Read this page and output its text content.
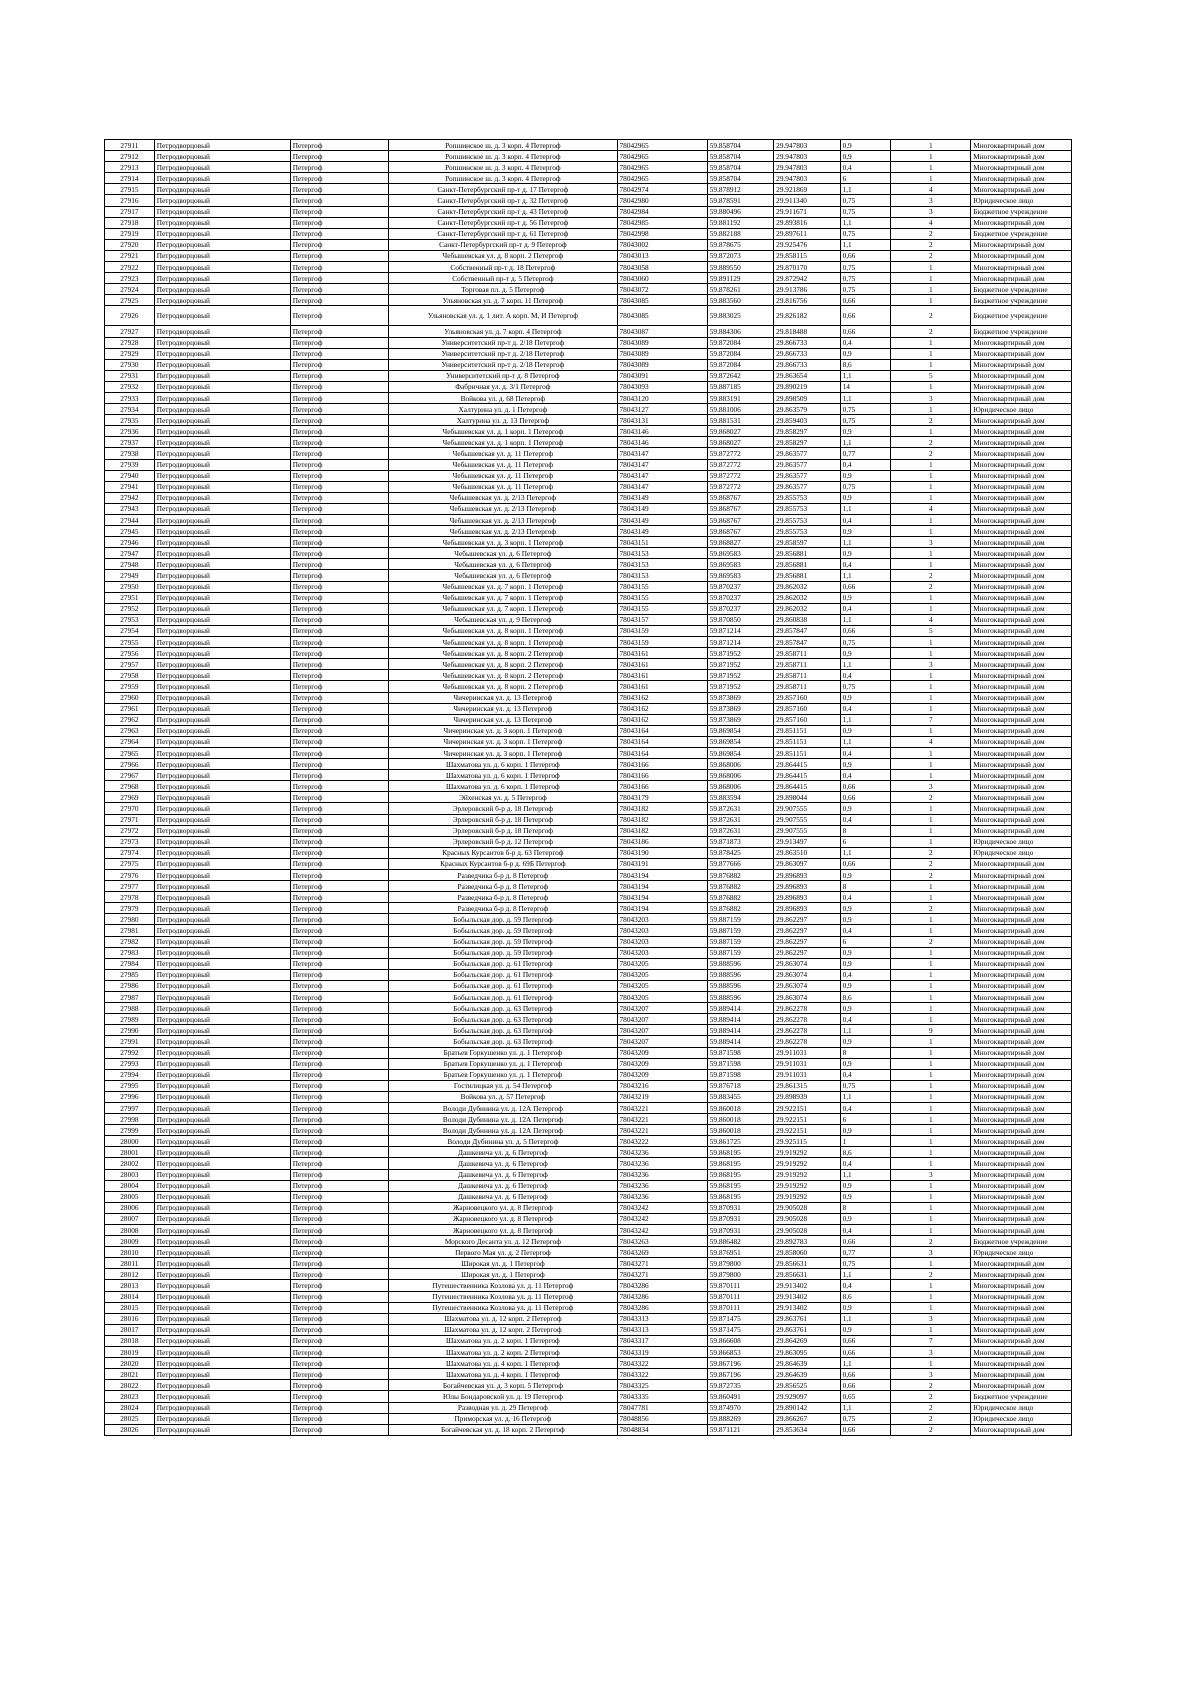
27911	Петродворцовый	Петергоф	Ропшинское ш. д. 3 корп. 4 Петергоф	78042965	59.858704	29.947803	0,9	1	Многоквартирный дом
27912	Петродворцовый	Петергоф	Ропшинское ш. д. 3 корп. 4 Петергоф	78042965	59.858704	29.947803	0,9	1	Многоквартирный дом
27913	Петродворцовый	Петергоф	Ропшинское ш. д. 3 корп. 4 Петергоф	78042965	59.858704	29.947803	0,4	1	Многоквартирный дом
27914	Петродворцовый	Петергоф	Ропшинское ш. д. 3 корп. 4 Петергоф	78042965	59.858704	29.947803	6	1	Многоквартирный дом
27915	Петродворцовый	Петергоф	Санкт-Петербургский пр-т д. 17 Петергоф	78042974	59.878912	29.921869	1,1	4	Многоквартирный дом
27916	Петродворцовый	Петергоф	Санкт-Петербургский пр-т д. 32 Петергоф	78042980	59.878591	29.911340	0,75	3	Юридическое лицо
27917	Петродворцовый	Петергоф	Санкт-Петербургский пр-т д. 43 Петергоф	78042984	59.880496	29.911671	0,75	3	Бюджетное учреждение
27918	Петродворцовый	Петергоф	Санкт-Петербургский пр-т д. 56 Петергоф	78042985	59.881192	29.893816	1,1	4	Многоквартирный дом
27919	Петродворцовый	Петергоф	Санкт-Петербургский пр-т д. 61 Петергоф	78042998	59.882188	29.897611	0,75	2	Бюджетное учреждение
27920	Петродворцовый	Петергоф	Санкт-Петербургский пр-т д. 9 Петергоф	78043002	59.878675	29.925476	1,1	2	Многоквартирный дом
27921	Петродворцовый	Петергоф	Чебышевская ул. д. 8 корп. 2 Петергоф	78043013	59.872073	29.858115	0,66	2	Многоквартирный дом
27922	Петродворцовый	Петергоф	Собственный пр-т д. 18 Петергоф	78043058	59.889550	29.870170	0,75	1	Многоквартирный дом
27923	Петродворцовый	Петергоф	Собственный пр-т д. 5 Петергоф	78043060	59.891129	29.872942	0,75	1	Многоквартирный дом
27924	Петродворцовый	Петергоф	Торговая пл. д. 5 Петергоф	78043072	59.878261	29.913786	0,75	1	Бюджетное учреждение
27925	Петродворцовый	Петергоф	Ульяновская ул. д. 7 корп. 11 Петергоф	78043085	59.883560	29.816756	0,66	1	Бюджетное учреждение
27926	Петродворцовый	Петергоф	Ульяновская ул. д. 1 лит. А корп. М, И Петергоф	78043085	59.883025	29.826182	0,66	2	Бюджетное учреждение
27927	Петродворцовый	Петергоф	Ульяновская ул. д. 7 корп. 4 Петергоф	78043087	59.884306	29.818488	0,66	2	Бюджетное учреждение
27928	Петродворцовый	Петергоф	Университетский пр-т д. 2/18 Петергоф	78043089	59.872084	29.866733	0,4	1	Многоквартирный дом
27929	Петродворцовый	Петергоф	Университетский пр-т д. 2/18 Петергоф	78043089	59.872084	29.866733	0,9	1	Многоквартирный дом
27930	Петродворцовый	Петергоф	Университетский пр-т д. 2/18 Петергоф	78043089	59.872084	29.866733	8,6	1	Многоквартирный дом
27931	Петродворцовый	Петергоф	Университетский пр-т д. 8 Петергоф	78043091	59.872642	29.863654	1,1	5	Многоквартирный дом
27932	Петродворцовый	Петергоф	Фабричная ул. д. 3/1 Петергоф	78043093	59.887185	29.890219	14	1	Многоквартирный дом
27933	Петродворцовый	Петергоф	Войкова ул. д. 68 Петергоф	78043120	59.883191	29.898509	1,1	3	Многоквартирный дом
27934	Петродворцовый	Петергоф	Халтурина ул. д. 1 Петергоф	78043127	59.881006	29.863579	0,75	1	Юридическое лицо
27935	Петродворцовый	Петергоф	Халтурина ул. д. 13 Петергоф	78043131	59.881531	29.859403	0,75	2	Многоквартирный дом
27936	Петродворцовый	Петергоф	Чебышевская ул. д. 1 корп. 1 Петергоф	78043146	59.868027	29.858297	0,9	1	Многоквартирный дом
27937	Петродворцовый	Петергоф	Чебышевская ул. д. 1 корп. 1 Петергоф	78043146	59.868027	29.858297	1,1	2	Многоквартирный дом
27938	Петродворцовый	Петергоф	Чебышевская ул. д. 11 Петергоф	78043147	59.872772	29.863577	0,77	2	Многоквартирный дом
27939	Петродворцовый	Петергоф	Чебышевская ул. д. 11 Петергоф	78043147	59.872772	29.863577	0,4	1	Многоквартирный дом
27940	Петродворцовый	Петергоф	Чебышевская ул. д. 11 Петергоф	78043147	59.872772	29.863577	0,9	1	Многоквартирный дом
27941	Петродворцовый	Петергоф	Чебышевская ул. д. 11 Петергоф	78043147	59.872772	29.863577	0,75	1	Многоквартирный дом
27942	Петродворцовый	Петергоф	Чебышевская ул. д. 2/13 Петергоф	78043149	59.868767	29.855753	0,9	1	Многоквартирный дом
27943	Петродворцовый	Петергоф	Чебышевская ул. д. 2/13 Петергоф	78043149	59.868767	29.855753	1,1	4	Многоквартирный дом
27944	Петродворцовый	Петергоф	Чебышевская ул. д. 2/13 Петергоф	78043149	59.868767	29.855753	0,4	1	Многоквартирный дом
27945	Петродворцовый	Петергоф	Чебышевская ул. д. 2/13 Петергоф	78043149	59.868767	29.855753	0,9	1	Многоквартирный дом
27946	Петродворцовый	Петергоф	Чебышевская ул. д. 3 корп. 1 Петергоф	78043151	59.868827	29.858597	1,1	3	Многоквартирный дом
27947	Петродворцовый	Петергоф	Чебышевская ул. д. 6 Петергоф	78043153	59.869583	29.856881	0,9	1	Многоквартирный дом
27948	Петродворцовый	Петергоф	Чебышевская ул. д. 6 Петергоф	78043153	59.869583	29.856881	0,4	1	Многоквартирный дом
27949	Петродворцовый	Петергоф	Чебышевская ул. д. 6 Петергоф	78043153	59.869583	29.856881	1,1	2	Многоквартирный дом
27950	Петродворцовый	Петергоф	Чебышевская ул. д. 7 корп. 1 Петергоф	78043155	59.870237	29.862032	0,66	2	Многоквартирный дом
27951	Петродворцовый	Петергоф	Чебышевская ул. д. 7 корп. 1 Петергоф	78043155	59.870237	29.862032	0,9	1	Многоквартирный дом
27952	Петродворцовый	Петергоф	Чебышевская ул. д. 7 корп. 1 Петергоф	78043155	59.870237	29.862032	0,4	1	Многоквартирный дом
27953	Петродворцовый	Петергоф	Чебышевская ул. д. 9 Петергоф	78043157	59.870850	29.860838	1,1	4	Многоквартирный дом
27954	Петродворцовый	Петергоф	Чебышевская ул. д. 8 корп. 1 Петергоф	78043159	59.871214	29.857847	0,66	5	Многоквартирный дом
27955	Петродворцовый	Петергоф	Чебышевская ул. д. 8 корп. 1 Петергоф	78043159	59.871214	29.857847	0,75	1	Многоквартирный дом
27956	Петродворцовый	Петергоф	Чебышевская ул. д. 8 корп. 2 Петергоф	78043161	59.871952	29.858711	0,9	1	Многоквартирный дом
27957	Петродворцовый	Петергоф	Чебышевская ул. д. 8 корп. 2 Петергоф	78043161	59.871952	29.858711	1,1	3	Многоквартирный дом
27958	Петродворцовый	Петергоф	Чебышевская ул. д. 8 корп. 2 Петергоф	78043161	59.871952	29.858711	0,4	1	Многоквартирный дом
27959	Петродворцовый	Петергоф	Чебышевская ул. д. 8 корп. 2 Петергоф	78043161	59.871952	29.858711	0,75	1	Многоквартирный дом
27960	Петродворцовый	Петергоф	Чичеринская ул. д. 13 Петергоф	78043162	59.873869	29.857160	0,9	1	Многоквартирный дом
27961	Петродворцовый	Петергоф	Чичеринская ул. д. 13 Петергоф	78043162	59.873869	29.857160	0,4	1	Многоквартирный дом
27962	Петродворцовый	Петергоф	Чичеринская ул. д. 13 Петергоф	78043162	59.873869	29.857160	1,1	7	Многоквартирный дом
27963	Петродворцовый	Петергоф	Чичеринская ул. д. 3 корп. 1 Петергоф	78043164	59.869854	29.851151	0,9	1	Многоквартирный дом
27964	Петродворцовый	Петергоф	Чичеринская ул. д. 3 корп. 1 Петергоф	78043164	59.869854	29.851151	1,1	4	Многоквартирный дом
27965	Петродворцовый	Петергоф	Чичеринская ул. д. 3 корп. 1 Петергоф	78043164	59.869854	29.851151	0,4	1	Многоквартирный дом
27966	Петродворцовый	Петергоф	Шахматова ул. д. 6 корп. 1 Петергоф	78043166	59.868006	29.864415	0,9	1	Многоквартирный дом
27967	Петродворцовый	Петергоф	Шахматова ул. д. 6 корп. 1 Петергоф	78043166	59.868006	29.864415	0,4	1	Многоквартирный дом
27968	Петродворцовый	Петергоф	Шахматова ул. д. 6 корп. 1 Петергоф	78043166	59.868006	29.864415	0,66	3	Многоквартирный дом
27969	Петродворцовый	Петергоф	Эйхенская ул. д. 5 Петергоф	78043179	59.883594	29.898044	0,66	2	Многоквартирный дом
27970	Петродворцовый	Петергоф	Эрлеровский б-р д. 18 Петергоф	78043182	59.872631	29.907555	0,9	1	Многоквартирный дом
27971	Петродворцовый	Петергоф	Эрлеровский б-р д. 18 Петергоф	78043182	59.872631	29.907555	0,4	1	Многоквартирный дом
27972	Петродворцовый	Петергоф	Эрлеровский б-р д. 18 Петергоф	78043182	59.872631	29.907555	8	1	Многоквартирный дом
27973	Петродворцовый	Петергоф	Эрлеровский б-р д. 12 Петергоф	78043186	59.871873	29.913497	6	1	Юридическое лицо
27974	Петродворцовый	Петергоф	Красных Курсантов б-р д. 63 Петергоф	78043190	59.878425	29.863510	1,1	2	Юридическое лицо
27975	Петродворцовый	Петергоф	Красных Курсантов б-р д. 69Б Петергоф	78043191	59.877666	29.863097	0,66	2	Многоквартирный дом
27976	Петродворцовый	Петергоф	Разведчика б-р д. 8 Петергоф	78043194	59.876882	29.896893	0,9	2	Многоквартирный дом
27977	Петродворцовый	Петергоф	Разведчика б-р д. 8 Петергоф	78043194	59.876882	29.896893	8	1	Многоквартирный дом
27978	Петродворцовый	Петергоф	Разведчика б-р д. 8 Петергоф	78043194	59.876882	29.896893	0,4	1	Многоквартирный дом
27979	Петродворцовый	Петергоф	Разведчика б-р д. 8 Петергоф	78043194	59.876882	29.896893	0,9	2	Многоквартирный дом
27980	Петродворцовый	Петергоф	Бобыльская дор. д. 59 Петергоф	78043203	59.887159	29.862297	0,9	1	Многоквартирный дом
27981	Петродворцовый	Петергоф	Бобыльская дор. д. 59 Петергоф	78043203	59.887159	29.862297	0,4	1	Многоквартирный дом
27982	Петродворцовый	Петергоф	Бобыльская дор. д. 59 Петергоф	78043203	59.887159	29.862297	6	2	Многоквартирный дом
27983	Петродворцовый	Петергоф	Бобыльская дор. д. 59 Петергоф	78043203	59.887159	29.862297	0,9	1	Многоквартирный дом
27984	Петродворцовый	Петергоф	Бобыльская дор. д. 61 Петергоф	78043205	59.888596	29.863074	0,9	1	Многоквартирный дом
27985	Петродворцовый	Петергоф	Бобыльская дор. д. 61 Петергоф	78043205	59.888596	29.863074	0,4	1	Многоквартирный дом
27986	Петродворцовый	Петергоф	Бобыльская дор. д. 61 Петергоф	78043205	59.888596	29.863074	0,9	1	Многоквартирный дом
27987	Петродворцовый	Петергоф	Бобыльская дор. д. 61 Петергоф	78043205	59.888596	29.863074	8,6	1	Многоквартирный дом
27988	Петродворцовый	Петергоф	Бобыльская дор. д. 63 Петергоф	78043207	59.889414	29.862278	0,9	1	Многоквартирный дом
27989	Петродворцовый	Петергоф	Бобыльская дор. д. 63 Петергоф	78043207	59.889414	29.862278	0,4	1	Многоквартирный дом
27990	Петродворцовый	Петергоф	Бобыльская дор. д. 63 Петергоф	78043207	59.889414	29.862278	1,1	9	Многоквартирный дом
27991	Петродворцовый	Петергоф	Бобыльская дор. д. 63 Петергоф	78043207	59.889414	29.862278	0,9	1	Многоквартирный дом
27992	Петродворцовый	Петергоф	Братьев Горкушенко ул. д. 1 Петергоф	78043209	59.871598	29.911031	8	1	Многоквартирный дом
27993	Петродворцовый	Петергоф	Братьев Горкушенко ул. д. 1 Петергоф	78043209	59.871598	29.911031	0,9	1	Многоквартирный дом
27994	Петродворцовый	Петергоф	Братьев Горкушенко ул. д. 1 Петергоф	78043209	59.871598	29.911031	0,4	1	Многоквартирный дом
27995	Петродворцовый	Петергоф	Гостилицкая ул. д. 54 Петергоф	78043216	59.876718	29.861315	0,75	1	Многоквартирный дом
27996	Петродворцовый	Петергоф	Войкова ул. д. 57 Петергоф	78043219	59.883455	29.898939	1,1	1	Многоквартирный дом
27997	Петродворцовый	Петергоф	Володи Дубинина ул. д. 12А Петергоф	78043221	59.860018	29.922151	0,4	1	Многоквартирный дом
27998	Петродворцовый	Петергоф	Володи Дубинина ул. д. 12А Петергоф	78043221	59.860018	29.922151	6	1	Многоквартирный дом
27999	Петродворцовый	Петергоф	Володи Дубинина ул. д. 12А Петергоф	78043221	59.860018	29.922151	0,9	1	Многоквартирный дом
28000	Петродворцовый	Петергоф	Володи Дубинина ул. д. 5 Петергоф	78043222	59.861725	29.925115	1	1	Многоквартирный дом
28001	Петродворцовый	Петергоф	Дашкевича ул. д. 6 Петергоф	78043236	59.868195	29.919292	8,6	1	Многоквартирный дом
28002	Петродворцовый	Петергоф	Дашкевича ул. д. 6 Петергоф	78043236	59.868195	29.919292	0,4	1	Многоквартирный дом
28003	Петродворцовый	Петергоф	Дашкевича ул. д. 6 Петергоф	78043236	59.868195	29.919292	1,1	3	Многоквартирный дом
28004	Петродворцовый	Петергоф	Дашкевича ул. д. 6 Петергоф	78043236	59.868195	29.919292	0,9	1	Многоквартирный дом
28005	Петродворцовый	Петергоф	Дашкевича ул. д. 6 Петергоф	78043236	59.868195	29.919292	0,9	1	Многоквартирный дом
28006	Петродворцовый	Петергоф	Жарновецкого ул. д. 8 Петергоф	78043242	59.870931	29.905028	8	1	Многоквартирный дом
28007	Петродворцовый	Петергоф	Жарновецкого ул. д. 8 Петергоф	78043242	59.870931	29.905028	0,9	1	Многоквартирный дом
28008	Петродворцовый	Петергоф	Жарновецкого ул. д. 8 Петергоф	78043242	59.870931	29.905028	0,4	1	Многоквартирный дом
28009	Петродворцовый	Петергоф	Морского Десанта ул. д. 12 Петергоф	78043263	59.886482	29.892783	0,66	2	Бюджетное учреждение
28010	Петродворцовый	Петергоф	Первого Мая ул. д. 2 Петергоф	78043269	59.876951	29.858060	0,77	3	Юридическое лицо
28011	Петродворцовый	Петергоф	Широкая ул. д. 1 Петергоф	78043271	59.879800	29.856631	0,75	1	Многоквартирный дом
28012	Петродворцовый	Петергоф	Широкая ул. д. 1 Петергоф	78043271	59.879800	29.856631	1,1	2	Многоквартирный дом
28013	Петродворцовый	Петергоф	Путешественника Козлова ул. д. 11 Петергоф	78043286	59.870111	29.913402	0,4	1	Многоквартирный дом
28014	Петродворцовый	Петергоф	Путешественника Козлова ул. д. 11 Петергоф	78043286	59.870111	29.913402	8,6	1	Многоквартирный дом
28015	Петродворцовый	Петергоф	Путешественника Козлова ул. д. 11 Петергоф	78043286	59.870111	29.913402	0,9	1	Многоквартирный дом
28016	Петродворцовый	Петергоф	Шахматова ул. д. 12 корп. 2 Петергоф	78043313	59.871475	29.863761	1,1	3	Многоквартирный дом
28017	Петродворцовый	Петергоф	Шахматова ул. д. 12 корп. 2 Петергоф	78043313	59.871475	29.863761	0,9	1	Многоквартирный дом
28018	Петродворцовый	Петергоф	Шахматова ул. д. 2 корп. 1 Петергоф	78043317	59.866608	29.864269	0,66	7	Многоквартирный дом
28019	Петродворцовый	Петергоф	Шахматова ул. д. 2 корп. 2 Петергоф	78043319	59.866853	29.863095	0,66	3	Многоквартирный дом
28020	Петродворцовый	Петергоф	Шахматова ул. д. 4 корп. 1 Петергоф	78043322	59.867196	29.864639	1,1	1	Многоквартирный дом
28021	Петродворцовый	Петергоф	Шахматова ул. д. 4 корп. 1 Петергоф	78043322	59.867196	29.864639	0,66	3	Многоквартирный дом
28022	Петродворцовый	Петергоф	Богайчевская ул. д. 3 корп. 5 Петергоф	78043325	59.872735	29.856525	0,66	2	Многоквартирный дом
28023	Петродворцовый	Петергоф	Юлы Бондаровской ул. д. 19 Петергоф	78043335	59.860491	29.929097	0,65	2	Бюджетное учреждение
28024	Петродворцовый	Петергоф	Разводная ул. д. 29 Петергоф	78047781	59.874970	29.890142	1,1	2	Юридическое лицо
28025	Петродворцовый	Петергоф	Приморская ул. д. 16 Петергоф	78048856	59.888269	29.866267	0,75	2	Юридическое лицо
28026	Петродворцовый	Петергоф	Богайчевская ул. д. 18 корп. 2 Петергоф	78048834	59.871121	29.853634	0,66	2	Многоквартирный дом
